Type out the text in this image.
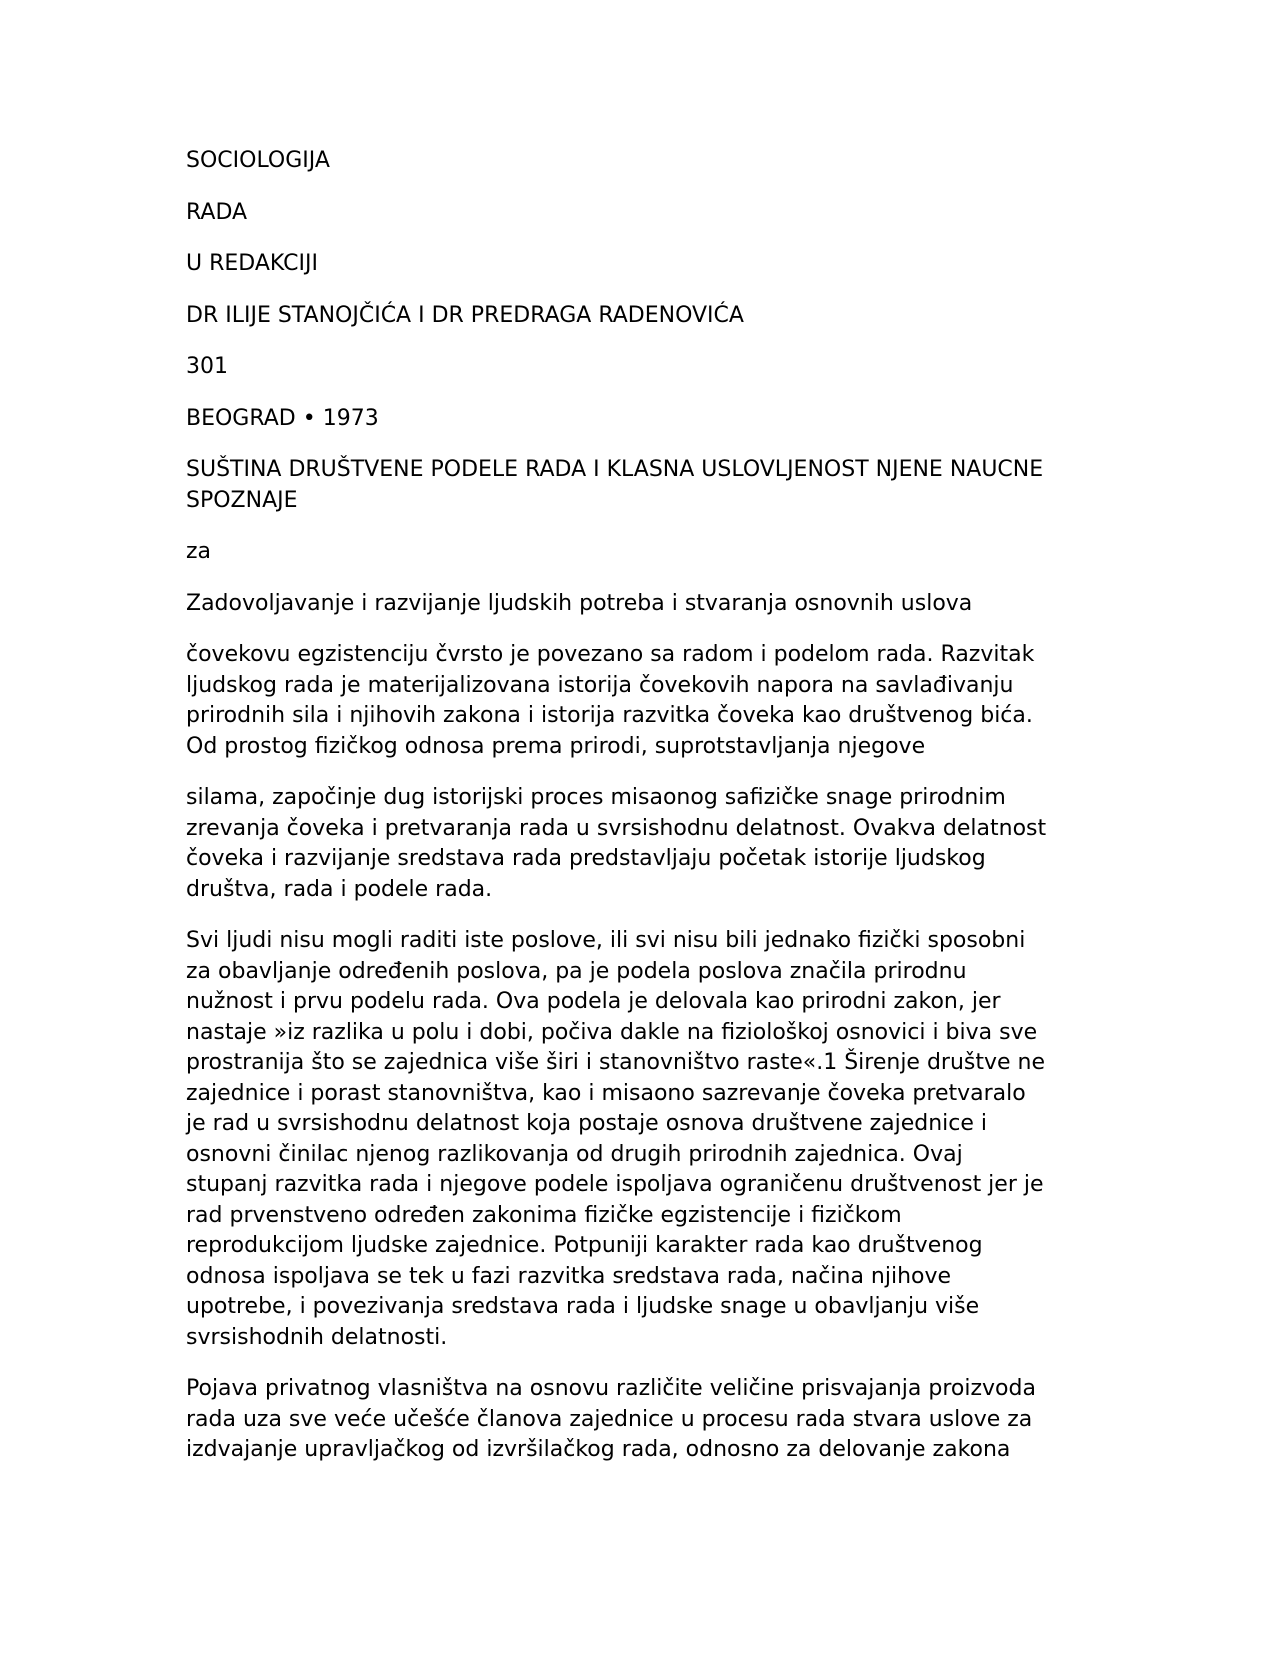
SOCIOLOGIJA

RADA

U REDAKCIJI

DR ILIJE STANOJČIĆA I DR PREDRAGA RADENOVIĆA

301

BEOGRAD • 1973

SUŠTINA DRUŠTVENE PODELE RADA I KLASNA USLOVLJENOST NJENE NAUCNE
SPOZNAJE

za

Zadovoljavanje i razvijanje ljudskih potreba i stvaranja osnovnih uslova

čovekovu egzistenciju čvrsto je povezano sa radom i podelom rada. Razvitak
ljudskog rada je materijalizovana istorija čovekovih napora na savlađivanju
prirodnih sila i njihovih zakona i istorija razvitka čoveka kao društvenog bića.
Od prostog fizičkog odnosa prema prirodi, suprotstavljanja njegove

silama, započinje dug istorijski proces misaonog safizičke snage prirodnim
zrevanja čoveka i pretvaranja rada u svrsishodnu delatnost. Ovakva delatnost
čoveka i razvijanje sredstava rada predstavljaju početak istorije ljudskog
društva, rada i podele rada.

Svi ljudi nisu mogli raditi iste poslove, ili svi nisu bili jednako fizički sposobni
za obavljanje određenih poslova, pa je podela poslova značila prirodnu
nužnost i prvu podelu rada. Ova podela je delovala kao prirodni zakon, jer
nastaje »iz razlika u polu i dobi, počiva dakle na fiziološkoj osnovici i biva sve
prostranija što se zajednica više širi i stanovništvo raste«.1 Širenje društve ne
zajednice i porast stanovništva, kao i misaono sazrevanje čoveka pretvaralo
je rad u svrsishodnu delatnost koja postaje osnova društvene zajednice i
osnovni činilac njenog razlikovanja od drugih prirodnih zajednica. Ovaj
stupanj razvitka rada i njegove podele ispoljava ograničenu društvenost jer je
rad prvenstveno određen zakonima fizičke egzistencije i fizičkom
reprodukcijom ljudske zajednice. Potpuniji karakter rada kao društvenog
odnosa ispoljava se tek u fazi razvitka sredstava rada, načina njihove
upotrebe, i povezivanja sredstava rada i ljudske snage u obavljanju više
svrsishodnih delatnosti.

Pojava privatnog vlasništva na osnovu različite veličine prisvajanja proizvoda
rada uza sve veće učešće članova zajednice u procesu rada stvara uslove za
izdvajanje upravljačkog od izvršilačkog rada, odnosno za delovanje zakona
